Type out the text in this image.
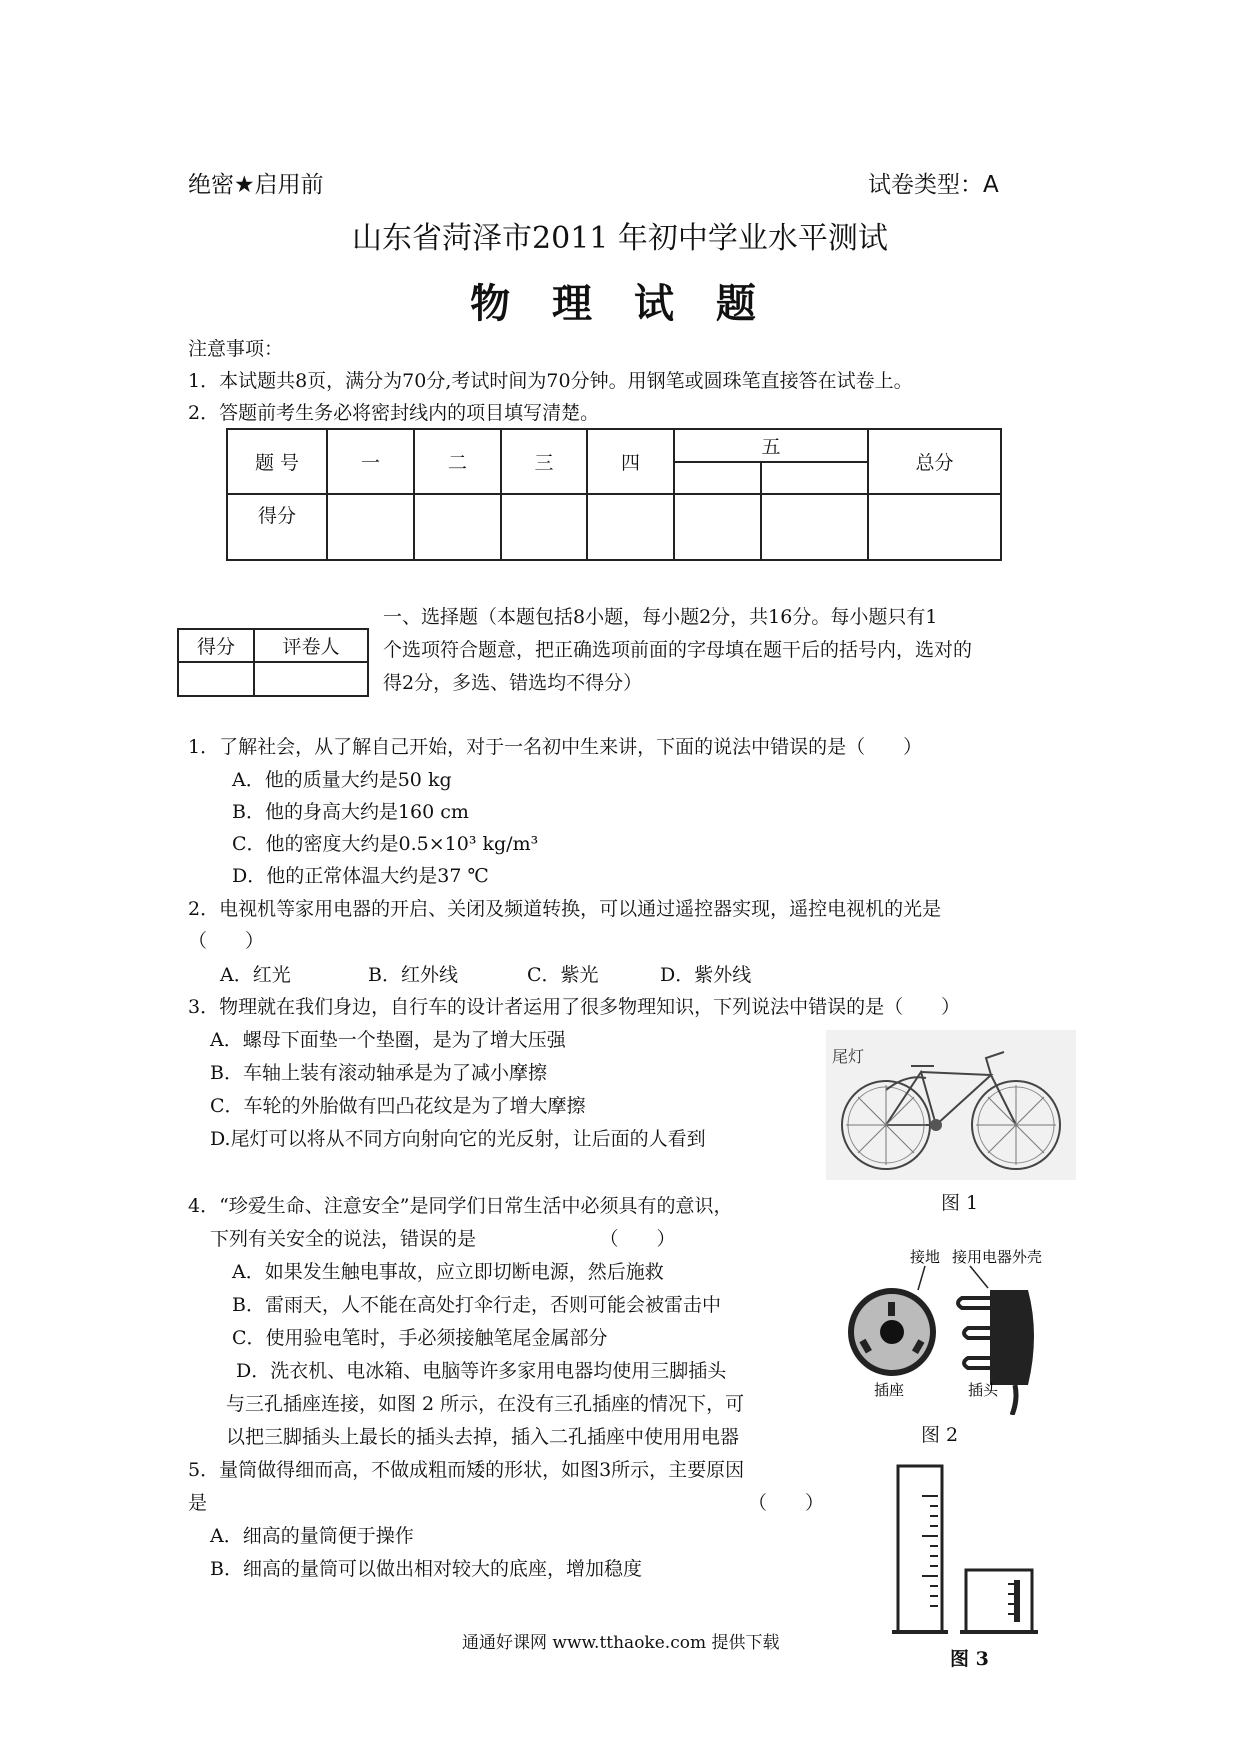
绝密★启用前	试卷类型：A
山东省菏泽市2011 年初中学业水平测试
物 理 试 题
注意事项：
1．本试题共8页，满分为70分,考试时间为70分钟。用钢笔或圆珠笔直接答在试卷上。
2．答题前考生务必将密封线内的项目填写清楚。
题 号	一	二	三	四	五		总分

得分							
得分	评卷人

一、选择题（本题包括8小题，每小题2分，共16分。每小题只有1
个选项符合题意，把正确选项前面的字母填在题干后的括号内，选对的
得2分，多选、错选均不得分）
1．了解社会，从了解自己开始，对于一名初中生来讲，下面的说法中错误的是（　　）
A．他的质量大约是50 kg
B．他的身高大约是160 cm
C．他的密度大约是0.5×10³ kg/m³
D．他的正常体温大约是37 ℃
2．电视机等家用电器的开启、关闭及频道转换，可以通过遥控器实现，遥控电视机的光是
（　　）
A．红光	B．红外线	C．紫光	D．紫外线
3．物理就在我们身边，自行车的设计者运用了很多物理知识，下列说法中错误的是（　　）
A．螺母下面垫一个垫圈，是为了增大压强
B．车轴上装有滚动轴承是为了减小摩擦
C．车轮的外胎做有凹凸花纹是为了增大摩擦
D.尾灯可以将从不同方向射向它的光反射，让后面的人看到
尾灯
图 1
4．“珍爱生命、注意安全”是同学们日常生活中必须具有的意识，
下列有关安全的说法，错误的是　　　　　　　（　　）
A．如果发生触电事故，应立即切断电源，然后施救
B．雷雨天，人不能在高处打伞行走，否则可能会被雷击中
C．使用验电笔时，手必须接触笔尾金属部分
D．洗衣机、电冰箱、电脑等许多家用电器均使用三脚插头
与三孔插座连接，如图 2 所示，在没有三孔插座的情况下，可
以把三脚插头上最长的插头去掉，插入二孔插座中使用用电器
接地 接用电器外壳
插座	插头
图 2
5．量筒做得细而高，不做成粗而矮的形状，如图3所示，主要原因
是	（　　）
A．细高的量筒便于操作
B．细高的量筒可以做出相对较大的底座，增加稳度
图 3
通通好课网 www.tthaoke.com 提供下载
